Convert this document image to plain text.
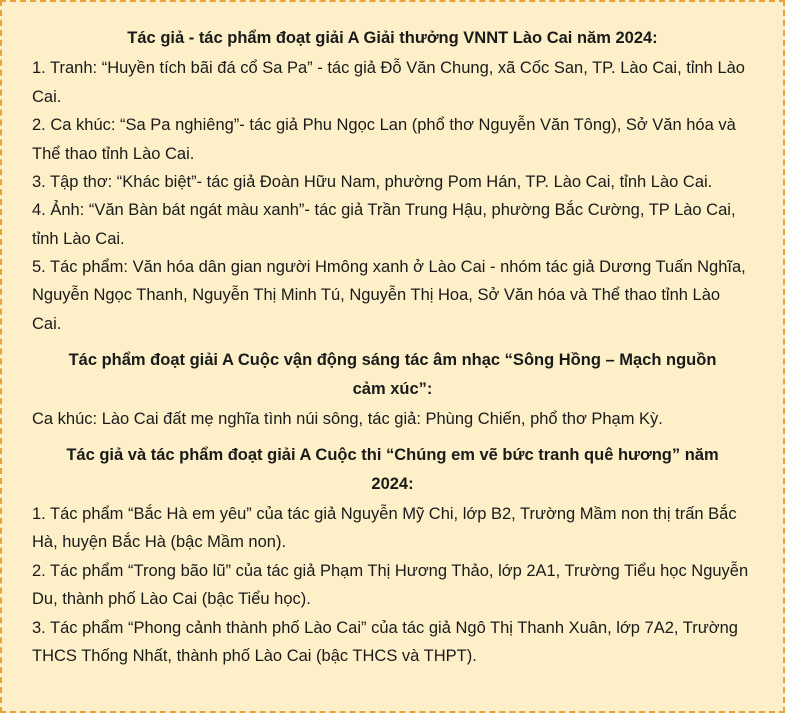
Tác giả - tác phẩm đoạt giải A Giải thưởng VNNT Lào Cai năm 2024:

1. Tranh: “Huyền tích bãi đá cổ Sa Pa” - tác giả Đỗ Văn Chung, xã Cốc San, TP. Lào Cai, tỉnh Lào Cai.

2. Ca khúc: “Sa Pa nghiêng”- tác giả Phu Ngọc Lan (phổ thơ Nguyễn Văn Tông), Sở Văn hóa và Thể thao tỉnh Lào Cai.

3. Tập thơ: “Khác biệt”- tác giả Đoàn Hữu Nam, phường Pom Hán, TP. Lào Cai, tỉnh Lào Cai.

4. Ảnh: “Văn Bàn bát ngát màu xanh”- tác giả Trần Trung Hậu, phường Bắc Cường, TP Lào Cai, tỉnh Lào Cai.

5. Tác phẩm: Văn hóa dân gian người Hmông xanh ở Lào Cai - nhóm tác giả Dương Tuấn Nghĩa, Nguyễn Ngọc Thanh, Nguyễn Thị Minh Tú, Nguyễn Thị Hoa, Sở Văn hóa và Thể thao tỉnh Lào Cai.

Tác phẩm đoạt giải A Cuộc vận động sáng tác âm nhạc “Sông Hồng – Mạch nguồn cảm xúc”:

Ca khúc: Lào Cai đất mẹ nghĩa tình núi sông, tác giả: Phùng Chiến, phổ thơ Phạm Kỳ.

Tác giả và tác phẩm đoạt giải A Cuộc thi “Chúng em vẽ bức tranh quê hương” năm 2024:

1. Tác phẩm “Bắc Hà em yêu” của tác giả Nguyễn Mỹ Chi, lớp B2, Trường Mầm non thị trấn Bắc Hà, huyện Bắc Hà (bậc Mầm non).

2. Tác phẩm “Trong bão lũ” của tác giả Phạm Thị Hương Thảo, lớp 2A1, Trường Tiểu học Nguyễn Du, thành phố Lào Cai (bậc Tiểu học).

3. Tác phẩm “Phong cảnh thành phố Lào Cai” của tác giả Ngô Thị Thanh Xuân, lớp 7A2, Trường THCS Thống Nhất, thành phố Lào Cai (bậc THCS và THPT).
